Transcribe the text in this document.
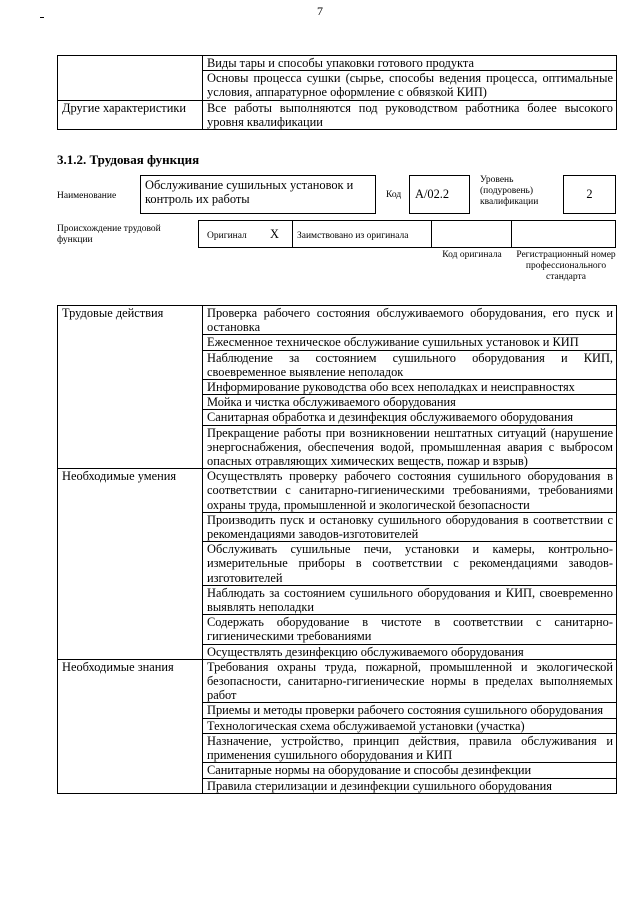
7
	Виды тары и способы упаковки готового продукта
	Основы процесса сушки (сырье, способы ведения процесса, оптимальные условия, аппаратурное оформление с обвязкой КИП)
Другие характеристики	Все работы выполняются под руководством работника более высокого уровня квалификации
3.1.2. Трудовая функция
Наименование
Обслуживание сушильных установок и контроль их работы	Код	А/02.2
Уровень (подуровень) квалификации
2
Происхождение трудовой функции	Оригинал X Заимствовано из оригинала
Код оригинала	Регистрационный номер профессионального стандарта
Трудовые действия	Проверка рабочего состояния обслуживаемого оборудования, его пуск и остановка
	Ежесменное техническое обслуживание сушильных установок и КИП
	Наблюдение за состоянием сушильного оборудования и КИП, своевременное выявление неполадок
	Информирование руководства обо всех неполадках и неисправностях
	Мойка и чистка обслуживаемого оборудования
	Санитарная обработка и дезинфекция обслуживаемого оборудования
	Прекращение работы при возникновении нештатных ситуаций (нарушение энергоснабжения, обеспечения водой, промышленная авария с выбросом опасных отравляющих химических веществ, пожар и взрыв)
Необходимые умения	Осуществлять проверку рабочего состояния сушильного оборудования в соответствии с санитарно-гигиеническими требованиями, требованиями охраны труда, промышленной и экологической безопасности
	Производить пуск и остановку сушильного оборудования в соответствии с рекомендациями заводов-изготовителей
	Обслуживать сушильные печи, установки и камеры, контрольно-измерительные приборы в соответствии с рекомендациями заводов-изготовителей
	Наблюдать за состоянием сушильного оборудования и КИП, своевременно выявлять неполадки
	Содержать оборудование в чистоте в соответствии с санитарно-гигиеническими требованиями
	Осуществлять дезинфекцию обслуживаемого оборудования
Необходимые знания	Требования охраны труда, пожарной, промышленной и экологической безопасности, санитарно-гигиенические нормы в пределах выполняемых работ
	Приемы и методы проверки рабочего состояния сушильного оборудования
	Технологическая схема обслуживаемой установки (участка)
	Назначение, устройство, принцип действия, правила обслуживания и применения сушильного оборудования и КИП
	Санитарные нормы на оборудование и способы дезинфекции
	Правила стерилизации и дезинфекции сушильного оборудования
